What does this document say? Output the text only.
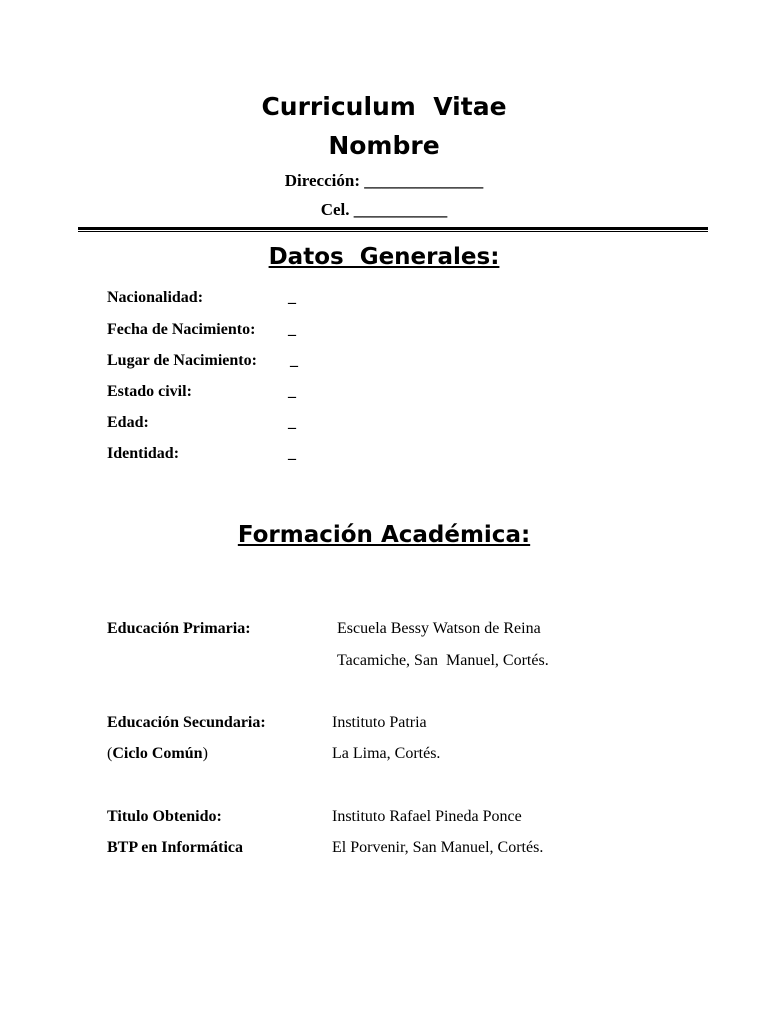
Curriculum  Vitae
Nombre
Dirección: ______________
Cel. ___________
Datos  Generales:
Nacionalidad:	_
Fecha de Nacimiento: _
Lugar de Nacimiento: _
Estado civil:	_
Edad:	_
Identidad:	_
Formación Académica:
Educación Primaria:	Escuela Bessy Watson de Reina
Tacamiche, San  Manuel, Cortés.
Educación Secundaria:	Instituto Patria
(Ciclo Común)	La Lima, Cortés.
Titulo Obtenido:	Instituto Rafael Pineda Ponce
BTP en Informática	El Porvenir, San Manuel, Cortés.
